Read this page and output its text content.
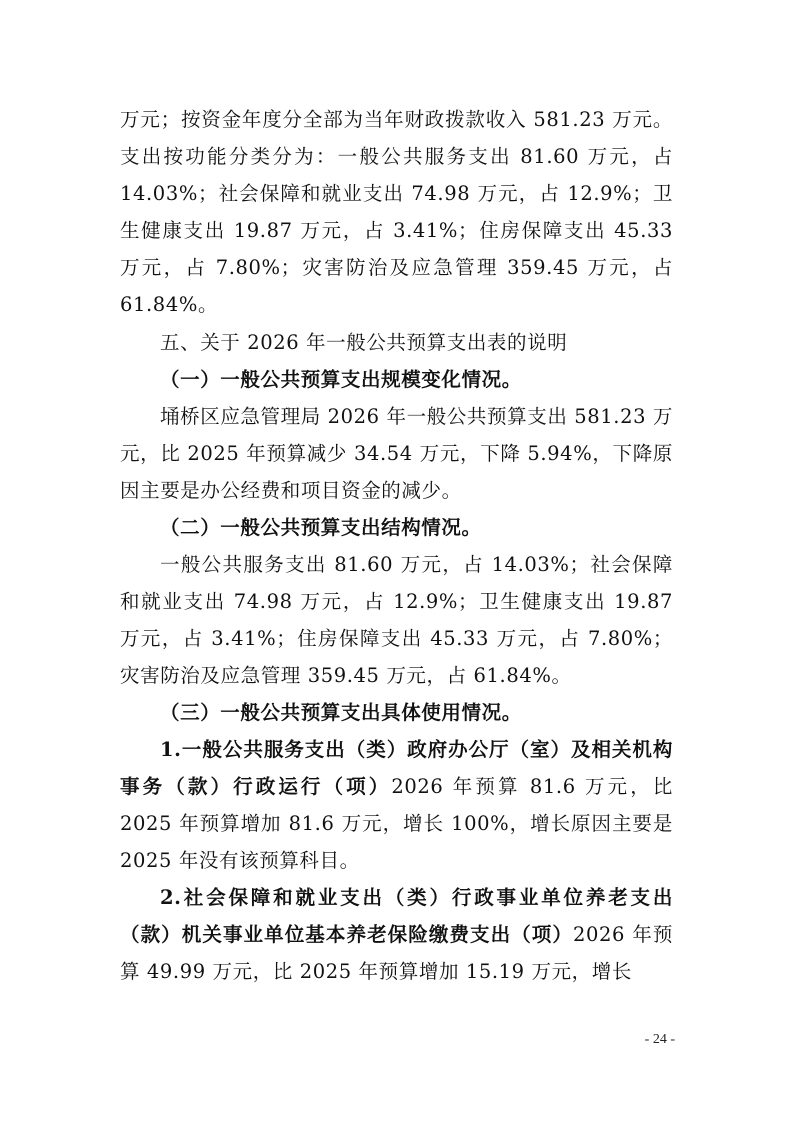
万元；按资金年度分全部为当年财政拨款收入 581.23 万元。支出按功能分类分为：一般公共服务支出 81.60 万元，占 14.03%；社会保障和就业支出 74.98 万元，占 12.9%；卫生健康支出 19.87 万元，占 3.41%；住房保障支出 45.33 万元，占 7.80%；灾害防治及应急管理 359.45 万元，占 61.84%。

五、关于 2026 年一般公共预算支出表的说明

（一）一般公共预算支出规模变化情况。

埇桥区应急管理局 2026 年一般公共预算支出 581.23 万元，比 2025 年预算减少 34.54 万元，下降 5.94%，下降原因主要是办公经费和项目资金的减少。

（二）一般公共预算支出结构情况。

一般公共服务支出 81.60 万元，占 14.03%；社会保障和就业支出 74.98 万元，占 12.9%；卫生健康支出 19.87 万元，占 3.41%；住房保障支出 45.33 万元，占 7.80%；灾害防治及应急管理 359.45 万元，占 61.84%。

（三）一般公共预算支出具体使用情况。

1.一般公共服务支出（类）政府办公厅（室）及相关机构事务（款）行政运行（项）2026 年预算 81.6 万元，比 2025 年预算增加 81.6 万元，增长 100%，增长原因主要是 2025 年没有该预算科目。

2.社会保障和就业支出（类）行政事业单位养老支出（款）机关事业单位基本养老保险缴费支出（项）2026 年预算 49.99 万元，比 2025 年预算增加 15.19 万元，增长

- 24 -
